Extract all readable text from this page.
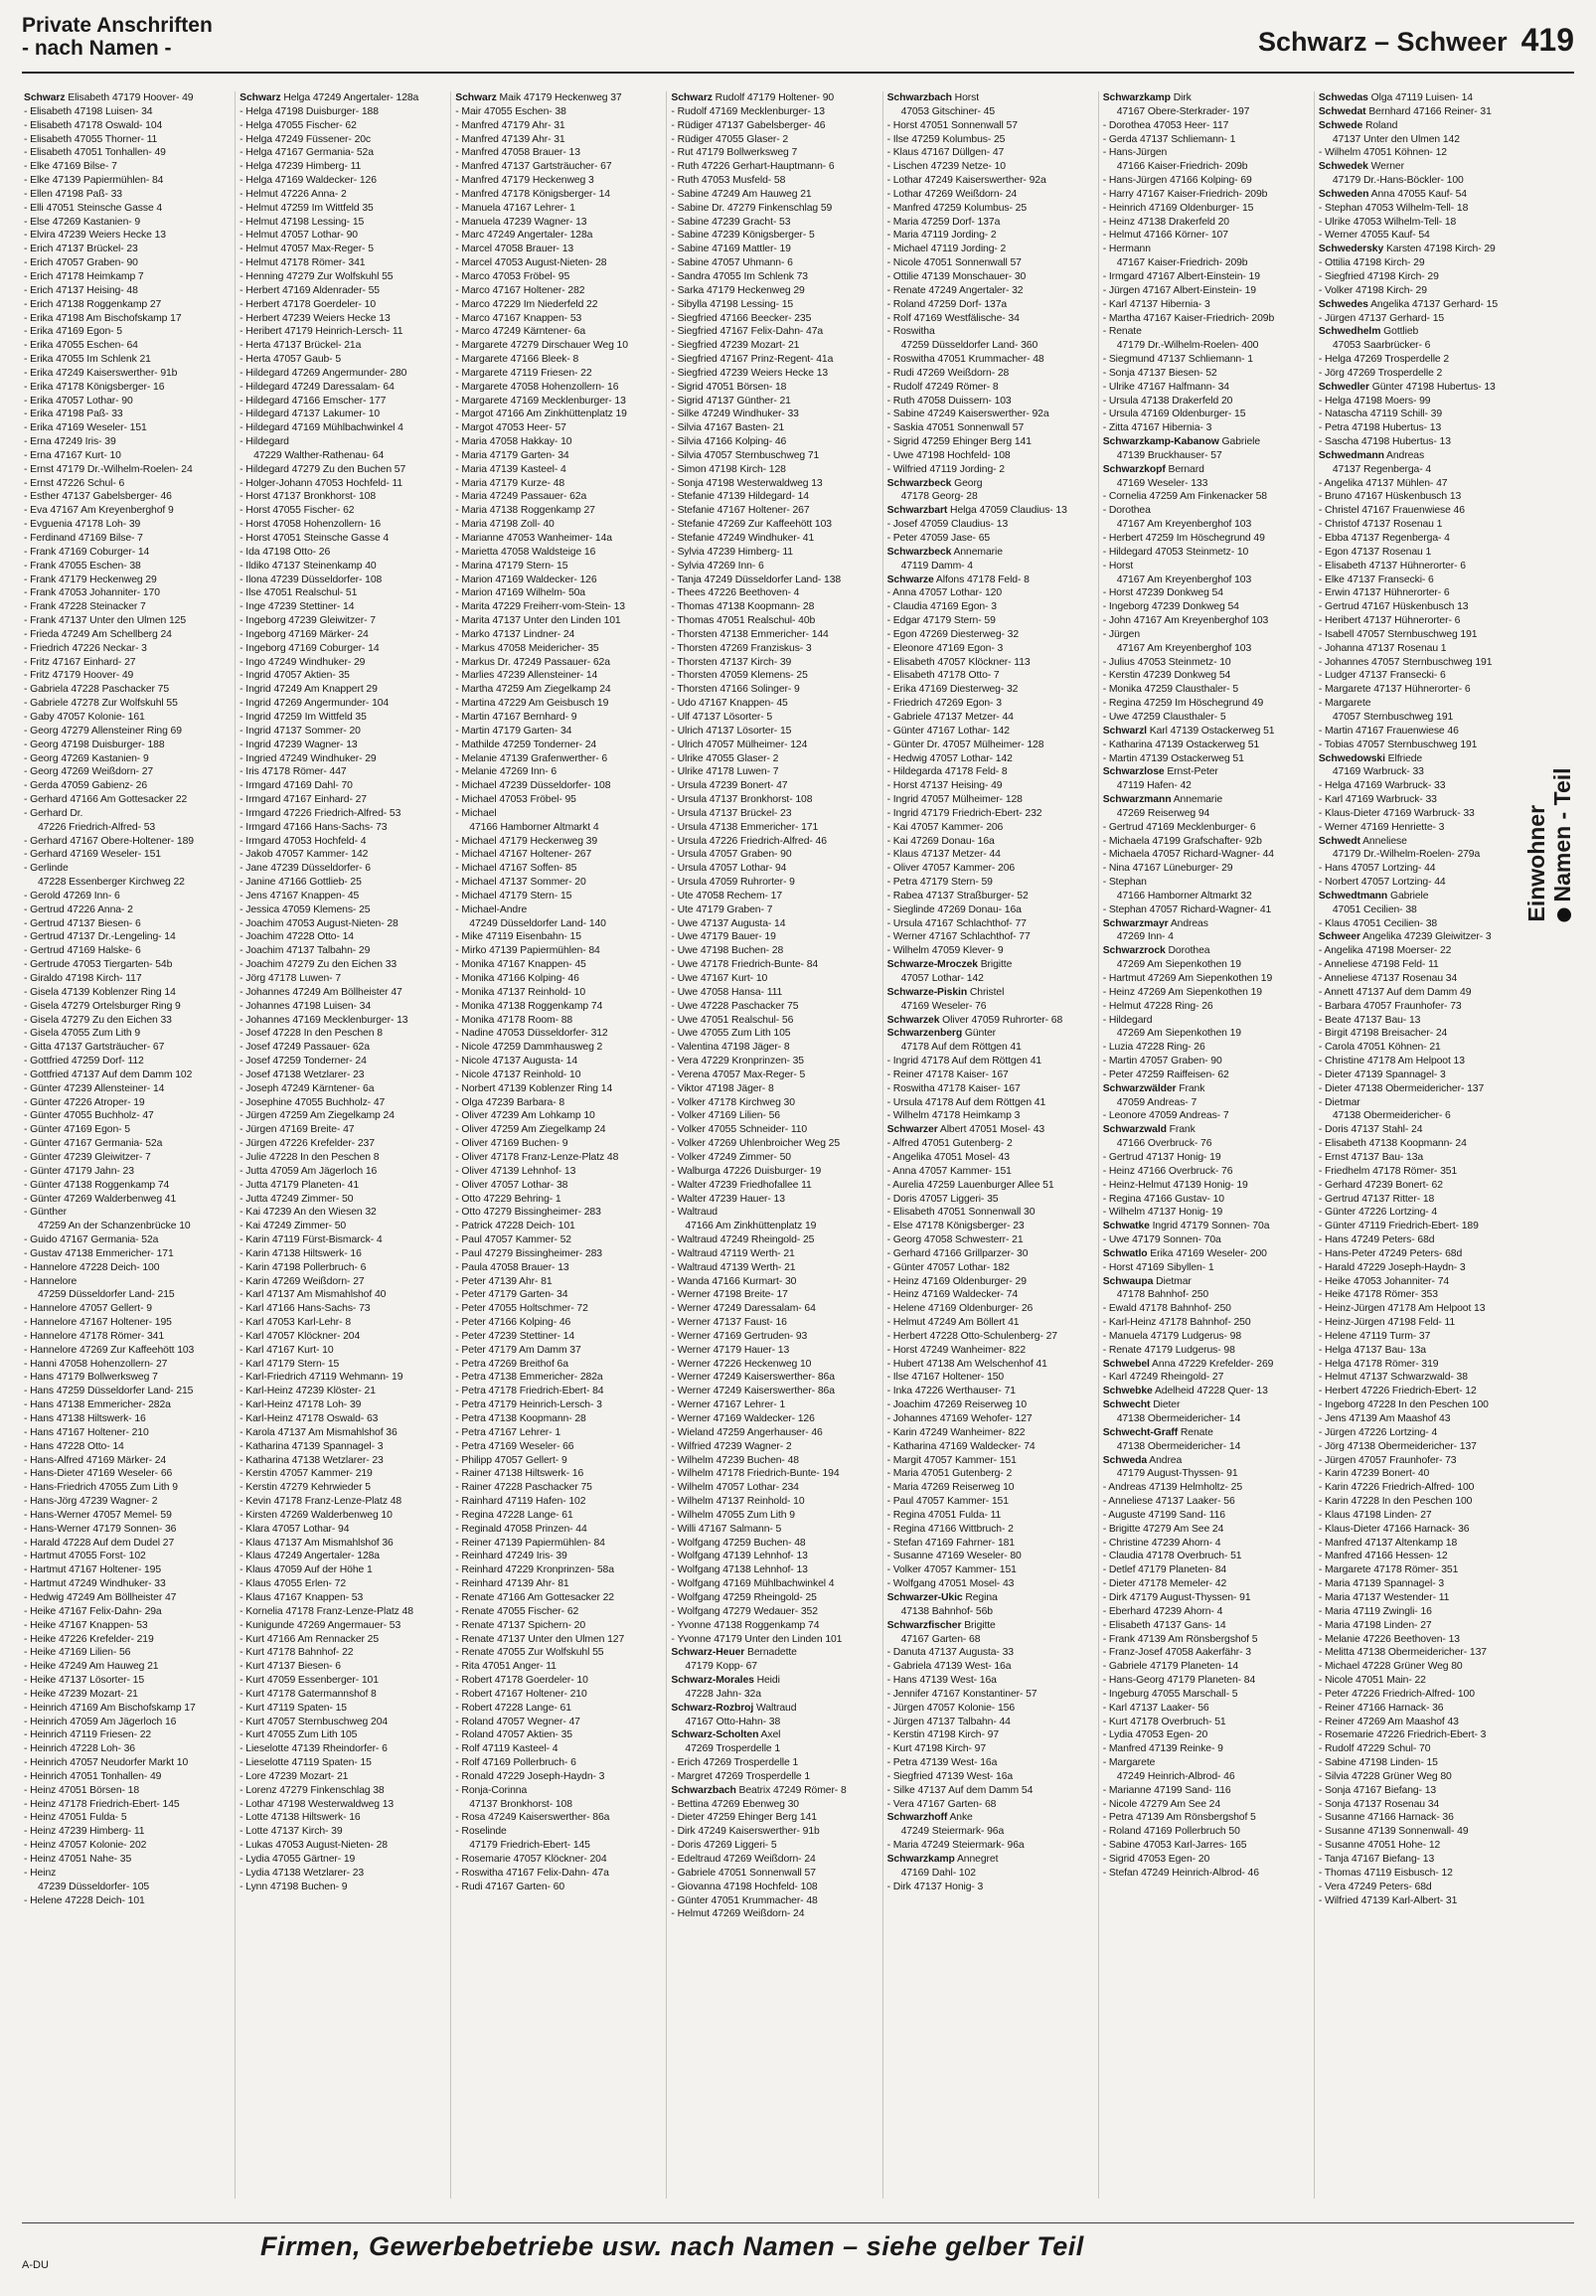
Private Anschriften
- nach Namen -	Schwarz – Schweer 419
Schwarz Elisabeth 47179 Hoover- 49
- Elisabeth 47198 Luisen- 34
- Elisabeth 47178 Oswald- 104
- Elisabeth 47055 Thorner- 11
- Elisabeth 47051 Tonhallen- 49
- Elke 47169 Bilse- 7
- Elke 47139 Papiermühlen- 84
- Ellen 47198 Paß- 33
- Elli 47051 Steinsche Gasse 4
- Else 47269 Kastanien- 9
- Elvira 47239 Weiers Hecke 13
- Erich 47137 Brückel- 23
- Erich 47057 Graben- 90
- Erich 47178 Heimkamp 7
- Erich 47137 Heising- 48
- Erich 47138 Roggenkamp 27
- Erika 47198 Am Bischofskamp 17
- Erika 47169 Egon- 5
- Erika 47055 Eschen- 64
- Erika 47055 Im Schlenk 21
- Erika 47249 Kaiserswerther- 91b
- Erika 47178 Königsberger- 16
- Erika 47057 Lothar- 90
- Erika 47198 Paß- 33
- Erika 47169 Weseler- 151
- Erna 47249 Iris- 39
- Erna 47167 Kurt- 10
- Ernst 47179 Dr.-Wilhelm-Roelen- 24
- Ernst 47226 Schul- 6
- Esther 47137 Gabelsberger- 46
- Eva 47167 Am Kreyenberghof 9
- Evguenia 47178 Loh- 39
- Ferdinand 47169 Bilse- 7
- Frank 47169 Coburger- 14
- Frank 47055 Eschen- 38
- Frank 47179 Heckenweg 29
- Frank 47053 Johanniter- 170
- Frank 47228 Steinacker 7
- Frank 47137 Unter den Ulmen 125
- Frieda 47249 Am Schellberg 24
- Friedrich 47226 Neckar- 3
- Fritz 47167 Einhard- 27
- Fritz 47179 Hoover- 49
- Gabriela 47228 Paschacker 75
- Gabriele 47278 Zur Wolfskuhl 55
- Gaby 47057 Kolonie- 161
- Georg 47279 Allensteiner Ring 69
- Georg 47198 Duisburger- 188
- Georg 47269 Kastanien- 9
- Georg 47269 Weißdorn- 27
- Gerda 47059 Gabienz- 26
- Gerhard 47166 Am Gottesacker 22
- Gerhard Dr.
47226 Friedrich-Alfred- 53
- Gerhard 47167 Obere-Holtener- 189
- Gerhard 47169 Weseler- 151
- Gerlinde
47228 Essenberger Kirchweg 22
- Gerold 47269 Inn- 6
- Gertrud 47226 Anna- 2
- Gertrud 47137 Biesen- 6
- Gertrud 47137 Dr.-Lengeling- 14
- Gertrud 47169 Halske- 6
- Gertrude 47053 Tiergarten- 54b
- Giraldo 47198 Kirch- 117
- Gisela 47139 Koblenzer Ring 14
- Gisela 47279 Ortelsburger Ring 9
- Gisela 47279 Zu den Eichen 33
- Gisela 47055 Zum Lith 9
- Gitta 47137 Gartsträucher- 67
- Gottfried 47259 Dorf- 112
- Gottfried 47137 Auf dem Damm 102
- Günter 47239 Allensteiner- 14
- Günter 47226 Atroper- 19
- Günter 47055 Buchholz- 47
- Günter 47169 Egon- 5
- Günter 47167 Germania- 52a
- Günter 47239 Gleiwitzer- 7
- Günter 47179 Jahn- 23
- Günter 47138 Roggenkamp 74
- Günter 47269 Walderbenweg 41
- Günther
47259 An der Schanzenbrücke 10
- Guido 47167 Germania- 52a
- Gustav 47138 Emmericher- 171
- Hannelore 47228 Deich- 100
- Hannelore
47259 Düsseldorfer Land- 215
- Hannelore 47057 Gellert- 9
- Hannelore 47167 Holtener- 195
- Hannelore 47178 Römer- 341
- Hannelore 47269 Zur Kaffeehött 103
- Hanni 47058 Hohenzollern- 27
- Hans 47179 Bollwerksweg 7
- Hans 47259 Düsseldorfer Land- 215
- Hans 47138 Emmericher- 282a
- Hans 47138 Hiltswerk- 16
- Hans 47167 Holtener- 210
- Hans 47228 Otto- 14
- Hans-Alfred 47169 Märker- 24
- Hans-Dieter 47169 Weseler- 66
- Hans-Friedrich 47055 Zum Lith 9
- Hans-Jörg 47239 Wagner- 2
- Hans-Werner 47057 Memel- 59
- Hans-Werner 47179 Sonnen- 36
- Harald 47228 Auf dem Dudel 27
- Hartmut 47055 Forst- 102
- Hartmut 47167 Holtener- 195
- Hartmut 47249 Windhuker- 33
- Hedwig 47249 Am Böllheister 47
- Heike 47167 Felix-Dahn- 29a
- Heike 47167 Knappen- 53
- Heike 47226 Krefelder- 219
- Heike 47169 Lilien- 56
- Heike 47249 Am Hauweg 21
- Heike 47137 Lösorter- 15
- Heike 47239 Mozart- 21
- Heinrich 47169 Am Bischofskamp 17
- Heinrich 47059 Am Jägerloch 16
- Heinrich 47119 Friesen- 22
- Heinrich 47228 Loh- 36
- Heinrich 47057 Neudorfer Markt 10
- Heinrich 47051 Tonhallen- 49
- Heinz 47051 Börsen- 18
- Heinz 47178 Friedrich-Ebert- 145
- Heinz 47051 Fulda- 5
- Heinz 47239 Himberg- 11
- Heinz 47057 Kolonie- 202
- Heinz 47051 Nahe- 35
- Heinz
47239 Düsseldorfer- 105
- Helene 47228 Deich- 101
Schwarz Helga 47249 Angertaler- 128a
- Helga 47198 Duisburger- 188
- Helga 47055 Fischer- 62
- Helga 47249 Füssener- 20c
- Helga 47167 Germania- 52a
- Helga 47239 Himberg- 11
- Helga 47169 Waldecker- 126
- Helmut 47226 Anna- 2
- Helmut 47259 Im Wittfeld 35
- Helmut 47198 Lessing- 15
- Helmut 47057 Lothar- 90
- Helmut 47057 Max-Reger- 5
- Helmut 47178 Römer- 341
- Henning 47279 Zur Wolfskuhl 55
- Herbert 47169 Aldenrader- 55
- Herbert 47178 Goerdeler- 10
- Herbert 47239 Weiers Hecke 13
- Heribert 47179 Heinrich-Lersch- 11
- Herta 47137 Brückel- 21a
- Herta 47057 Gaub- 5
- Hildegard 47269 Angermunder- 280
- Hildegard 47249 Daressalam- 64
- Hildegard 47166 Emscher- 177
- Hildegard 47137 Lakumer- 10
- Hildegard 47169 Mühlbachwinkel 4
- Hildegard
47229 Walther-Rathenau- 64
- Hildegard 47279 Zu den Buchen 57
- Holger-Johann 47053 Hochfeld- 11
- Horst 47137 Bronkhorst- 108
- Horst 47055 Fischer- 62
- Horst 47058 Hohenzollern- 16
- Horst 47051 Steinsche Gasse 4
- Ida 47198 Otto- 26
- Ildiko 47137 Steinenkamp 40
- Ilona 47239 Düsseldorfer- 108
- Ilse 47051 Realschul- 51
- Inge 47239 Stettiner- 14
- Ingeborg 47239 Gleiwitzer- 7
- Ingeborg 47169 Märker- 24
- Ingeborg 47169 Coburger- 14
- Ingo 47249 Windhuker- 29
- Ingrid 47057 Aktien- 35
- Ingrid 47249 Am Knappert 29
- Ingrid 47269 Angermunder- 104
- Ingrid 47259 Im Wittfeld 35
- Ingrid 47137 Sommer- 20
- Ingrid 47239 Wagner- 13
- Ingried 47249 Windhuker- 29
- Iris 47178 Römer- 447
- Irmgard 47169 Dahl- 70
- Irmgard 47167 Einhard- 27
- Irmgard 47226 Friedrich-Alfred- 53
- Irmgard 47166 Hans-Sachs- 73
- Irmgard 47053 Hochfeld- 4
- Jakob 47057 Kammer- 142
- Jane 47239 Düsseldorfer- 6
- Janine 47166 Gottlieb- 25
- Jens 47167 Knappen- 45
- Jessica 47059 Klemens- 25
- Joachim 47053 August-Nieten- 28
- Joachim 47228 Otto- 14
- Joachim 47137 Talbahn- 29
- Joachim 47279 Zu den Eichen 33
- Jörg 47178 Luwen- 7
- Johannes 47249 Am Böllheister 47
- Johannes 47198 Luisen- 34
- Johannes 47169 Mecklenburger- 13
- Josef 47228 In den Peschen 8
- Josef 47249 Passauer- 62a
- Josef 47259 Tonderner- 24
- Josef 47138 Wetzlarer- 23
- Joseph 47249 Kärntener- 6a
- Josephine 47055 Buchholz- 47
- Jürgen 47259 Am Ziegelkamp 24
- Jürgen 47169 Breite- 47
- Jürgen 47226 Krefelder- 237
- Julie 47228 In den Peschen 8
- Jutta 47059 Am Jägerloch 16
- Jutta 47179 Planeten- 41
- Jutta 47249 Zimmer- 50
- Kai 47239 An den Wiesen 32
- Kai 47249 Zimmer- 50
- Karin 47119 Fürst-Bismarck- 4
- Karin 47138 Hiltswerk- 16
- Karin 47198 Pollerbruch- 6
- Karin 47269 Weißdorn- 27
- Karl 47137 Am Mismahlshof 40
- Karl 47166 Hans-Sachs- 73
- Karl 47053 Karl-Lehr- 8
- Karl 47057 Klöckner- 204
- Karl 47167 Kurt- 10
- Karl 47179 Stern- 15
- Karl-Friedrich 47119 Wehmann- 19
- Karl-Heinz 47239 Klöster- 21
- Karl-Heinz 47178 Loh- 39
- Karl-Heinz 47178 Oswald- 63
- Karola 47137 Am Mismahlshof 36
- Katharina 47139 Spannagel- 3
- Katharina 47138 Wetzlarer- 23
- Kerstin 47057 Kammer- 219
- Kerstin 47279 Kehrwieder 5
- Kevin 47178 Franz-Lenze-Platz 48
- Kirsten 47269 Walderbenweg 10
- Klara 47057 Lothar- 94
- Klaus 47137 Am Mismahlshof 36
- Klaus 47249 Angertaler- 128a
- Klaus 47059 Auf der Höhe 1
- Klaus 47055 Erlen- 72
- Klaus 47167 Knappen- 53
- Kornelia 47178 Franz-Lenze-Platz 48
- Kunigunde 47269 Angermauer- 53
- Kurt 47166 Am Rennacker 25
- Kurt 47178 Bahnhof- 22
- Kurt 47137 Biesen- 6
- Kurt 47059 Essenberger- 101
- Kurt 47178 Gatermannshof 8
- Kurt 47119 Spaten- 15
- Kurt 47057 Sternbuschweg 204
- Kurt 47055 Zum Lith 105
- Lieselotte 47139 Rheindorfer- 6
- Lieselotte 47119 Spaten- 15
- Lore 47239 Mozart- 21
- Lorenz 47279 Finkenschlag 38
- Lothar 47198 Westerwaldweg 13
- Lotte 47138 Hiltswerk- 16
- Lotte 47137 Kirch- 39
- Lukas 47053 August-Nieten- 28
- Lydia 47055 Gärtner- 19
- Lydia 47138 Wetzlarer- 23
- Lynn 47198 Buchen- 9
Schwarz Maik 47179 Heckenweg 37
- Mair 47055 Eschen- 38
- Manfred 47179 Ahr- 31
- Manfred 47139 Ahr- 31
- Manfred 47058 Brauer- 13
- Manfred 47137 Gartsträucher- 67
- Manfred 47179 Heckenweg 3
- Manfred 47178 Königsberger- 14
- Manuela 47167 Lehrer- 1
- Manuela 47239 Wagner- 13
- Marc 47249 Angertaler- 128a
- Marcel 47058 Brauer- 13
- Marcel 47053 August-Nieten- 28
- Marco 47053 Fröbel- 95
- Marco 47167 Holtener- 282
- Marco 47229 Im Niederfeld 22
- Marco 47167 Knappen- 53
- Marco 47249 Kärntener- 6a
- Margarete 47279 Dirschauer Weg 10
- Margarete 47166 Bleek- 8
- Margarete 47119 Friesen- 22
- Margarete 47058 Hohenzollern- 16
- Margarete 47169 Mecklenburger- 13
- Margot 47166 Am Zinkhüttenplatz 19
- Margot 47053 Heer- 57
- Maria 47058 Hakkay- 10
- Maria 47179 Garten- 34
- Maria 47139 Kasteel- 4
- Maria 47179 Kurze- 48
- Maria 47249 Passauer- 62a
- Maria 47138 Roggenkamp 27
- Maria 47198 Zoll- 40
- Marianne 47053 Wanheimer- 14a
- Marietta 47058 Waldsteige 16
- Marina 47179 Stern- 15
- Marion 47169 Waldecker- 126
- Marion 47169 Wilhelm- 50a
- Marita 47229 Freiherr-vom-Stein- 13
- Marita 47137 Unter den Linden 101
- Marko 47137 Lindner- 24
- Markus 47058 Meidericher- 35
- Markus Dr. 47249 Passauer- 62a
- Marlies 47239 Allensteiner- 14
- Martha 47259 Am Ziegelkamp 24
- Martina 47229 Am Geisbusch 19
- Martin 47167 Bernhard- 9
- Martin 47179 Garten- 34
- Mathilde 47259 Tonderner- 24
- Melanie 47139 Grafenwerther- 6
- Melanie 47269 Inn- 6
- Michael 47239 Düsseldorfer- 108
- Michael 47053 Fröbel- 95
- Michael
47166 Hamborner Altmarkt 4
- Michael 47179 Heckenweg 39
- Michael 47167 Holtener- 267
- Michael 47167 Soffen- 85
- Michael 47137 Sommer- 20
- Michael 47179 Stern- 15
- Michael-Andre
47249 Düsseldorfer Land- 140
- Mike 47119 Eisenbahn- 15
- Mirko 47139 Papiermühlen- 84
- Monika 47167 Knappen- 45
- Monika 47166 Kolping- 46
- Monika 47137 Reinhold- 10
- Monika 47138 Roggenkamp 74
- Monika 47178 Room- 88
- Nadine 47053 Düsseldorfer- 312
- Nicole 47259 Dammhausweg 2
- Nicole 47137 Augusta- 14
- Nicole 47137 Reinhold- 10
- Norbert 47139 Koblenzer Ring 14
- Olga 47239 Barbara- 8
- Oliver 47239 Am Lohkamp 10
- Oliver 47259 Am Ziegelkamp 24
- Oliver 47169 Buchen- 9
- Oliver 47178 Franz-Lenze-Platz 48
- Oliver 47139 Lehnhof- 13
- Oliver 47057 Lothar- 38
- Otto 47229 Behring- 1
- Otto 47279 Bissingheimer- 283
- Patrick 47228 Deich- 101
- Paul 47057 Kammer- 52
- Paul 47279 Bissingheimer- 283
- Paula 47058 Brauer- 13
- Peter 47139 Ahr- 81
- Peter 47179 Garten- 34
- Peter 47055 Holtschmer- 72
- Peter 47166 Kolping- 46
- Peter 47239 Stettiner- 14
- Peter 47179 Am Damm 37
- Petra 47269 Breithof 6a
- Petra 47138 Emmericher- 282a
- Petra 47178 Friedrich-Ebert- 84
- Petra 47179 Heinrich-Lersch- 3
- Petra 47138 Koopmann- 28
- Petra 47167 Lehrer- 1
- Petra 47169 Weseler- 66
- Philipp 47057 Gellert- 9
- Rainer 47138 Hiltswerk- 16
- Rainer 47228 Paschacker 75
- Rainhard 47119 Hafen- 102
- Regina 47228 Lange- 61
- Reginald 47058 Prinzen- 44
- Reiner 47139 Papiermühlen- 84
- Reinhard 47249 Iris- 39
- Reinhard 47229 Kronprinzen- 58a
- Reinhard 47139 Ahr- 81
- Renate 47166 Am Gottesacker 22
- Renate 47055 Fischer- 62
- Renate 47137 Spichern- 20
- Renate 47137 Unter den Ulmen 127
- Renate 47055 Zur Wolfskuhl 55
- Rita 47051 Anger- 11
- Robert 47178 Goerdeler- 10
- Robert 47167 Holtener- 210
- Robert 47228 Lange- 61
- Roland 47057 Wegner- 47
- Roland 47057 Aktien- 35
- Rolf 47119 Kasteel- 4
- Rolf 47169 Pollerbruch- 6
- Ronald 47229 Joseph-Haydn- 3
- Ronja-Corinna
47137 Bronkhorst- 108
- Rosa 47249 Kaiserswerther- 86a
- Roselinde
47179 Friedrich-Ebert- 145
- Rosemarie 47057 Klöckner- 204
- Roswitha 47167 Felix-Dahn- 47a
- Rudi 47167 Garten- 60
Schwarz Rudolf 47179 Holtener- 90
- Rudolf 47169 Mecklenburger- 13
- Rüdiger 47137 Gabelsberger- 46
- Rüdiger 47055 Glaser- 2
- Rut 47179 Bollwerksweg 7
- Ruth 47226 Gerhart-Hauptmann- 6
- Ruth 47053 Musfeld- 58
- Sabine 47249 Am Hauweg 21
- Sabine Dr. 47279 Finkenschlag 59
- Sabine 47239 Gracht- 53
- Sabine 47239 Königsberger- 5
- Sabine 47169 Mattler- 19
- Sabine 47057 Uhmann- 6
- Sandra 47055 Im Schlenk 73
- Sarka 47179 Heckenweg 29
- Sibylla 47198 Lessing- 15
- Siegfried 47166 Beecker- 235
- Siegfried 47167 Felix-Dahn- 47a
- Siegfried 47239 Mozart- 21
- Siegfried 47167 Prinz-Regent- 41a
- Siegfried 47239 Weiers Hecke 13
- Sigrid 47051 Börsen- 18
- Sigrid 47137 Günther- 21
- Silke 47249 Windhuker- 33
- Silvia 47167 Basten- 21
- Silvia 47166 Kolping- 46
- Silvia 47057 Sternbuschweg 71
- Simon 47198 Kirch- 128
- Sonja 47198 Westerwaldweg 13
- Stefanie 47139 Hildegard- 14
- Stefanie 47167 Holtener- 267
- Stefanie 47269 Zur Kaffeehött 103
- Stefanie 47249 Windhuker- 41
- Sylvia 47239 Himberg- 11
- Sylvia 47269 Inn- 6
- Tanja 47249 Düsseldorfer Land- 138
- Thees 47226 Beethoven- 4
- Thomas 47138 Koopmann- 28
- Thomas 47051 Realschul- 40b
- Thorsten 47138 Emmericher- 144
- Thorsten 47269 Franziskus- 3
- Thorsten 47137 Kirch- 39
- Thorsten 47059 Klemens- 25
- Thorsten 47166 Solinger- 9
- Udo 47167 Knappen- 45
- Ulf 47137 Lösorter- 5
- Ulrich 47137 Lösorter- 15
- Ulrich 47057 Mülheimer- 124
- Ulrike 47055 Glaser- 2
- Ulrike 47178 Luwen- 7
- Ursula 47239 Bonert- 47
- Ursula 47137 Bronkhorst- 108
- Ursula 47137 Brückel- 23
- Ursula 47138 Emmericher- 171
- Ursula 47226 Friedrich-Alfred- 46
- Ursula 47057 Graben- 90
- Ursula 47057 Lothar- 94
- Ursula 47059 Ruhrorter- 9
- Ute 47058 Rechem- 17
- Ute 47179 Graben- 7
- Uwe 47137 Augusta- 14
- Uwe 47179 Bauer- 19
- Uwe 47198 Buchen- 28
- Uwe 47178 Friedrich-Bunte- 84
- Uwe 47167 Kurt- 10
- Uwe 47058 Hansa- 111
- Uwe 47228 Paschacker 75
- Uwe 47051 Realschul- 56
- Uwe 47055 Zum Lith 105
- Valentina 47198 Jäger- 8
- Vera 47229 Kronprinzen- 35
- Verena 47057 Max-Reger- 5
- Viktor 47198 Jäger- 8
- Volker 47178 Kirchweg 30
- Volker 47169 Lilien- 56
- Volker 47055 Schneider- 110
- Volker 47269 Uhlenbroicher Weg 25
- Volker 47249 Zimmer- 50
- Walburga 47226 Duisburger- 19
- Walter 47239 Friedhofallee 11
- Walter 47239 Hauer- 13
- Waltraud
47166 Am Zinkhüttenplatz 19
- Waltraud 47249 Rheingold- 25
- Waltraud 47119 Werth- 21
- Waltraud 47139 Werth- 21
- Wanda 47166 Kurmart- 30
- Werner 47198 Breite- 17
- Werner 47249 Daressalam- 64
- Werner 47137 Faust- 16
- Werner 47169 Gertruden- 93
- Werner 47179 Hauer- 13
- Werner 47226 Heckenweg 10
- Werner 47249 Kaiserswerther- 86a
- Werner 47249 Kaiserswerther- 86a
- Werner 47167 Lehrer- 1
- Werner 47169 Waldecker- 126
- Wieland 47259 Angerhauser- 46
- Wilfried 47239 Wagner- 2
- Wilhelm 47239 Buchen- 48
- Wilhelm 47178 Friedrich-Bunte- 194
- Wilhelm 47057 Lothar- 234
- Wilhelm 47137 Reinhold- 10
- Wilhelm 47055 Zum Lith 9
- Willi 47167 Salmann- 5
- Wolfgang 47259 Buchen- 48
- Wolfgang 47139 Lehnhof- 13
- Wolfgang 47138 Lehnhof- 13
- Wolfgang 47169 Mühlbachwinkel 4
- Wolfgang 47259 Rheingold- 25
- Wolfgang 47279 Wedauer- 352
- Yvonne 47138 Roggenkamp 74
- Yvonne 47179 Unter den Linden 101
Schwarz-Heuer Bernadette
47179 Kopp- 67
Schwarz-Morales Heidi
47228 Jahn- 32a
Schwarz-Rozbroj Waltraud
47167 Otto-Hahn- 38
Schwarz-Scholten Axel
47269 Trosperdelle 1
- Erich 47269 Trosperdelle 1
- Margret 47269 Trosperdelle 1
Schwarzbach Beatrix 47249 Römer- 8
- Bettina 47269 Ebenweg 30
- Dieter 47259 Ehinger Berg 141
- Dirk 47249 Kaiserswerther- 91b
- Doris 47269 Liggeri- 5
- Edeltraud 47269 Weißdorn- 24
- Gabriele 47051 Sonnenwall 57
- Giovanna 47198 Hochfeld- 108
- Günter 47051 Krummacher- 48
- Helmut 47269 Weißdorn- 24
Schwarzbach Horst
47053 Gitschiner- 45
- Horst 47051 Sonnenwall 57
- Ilse 47259 Kolumbus- 25
- Klaus 47167 Düllgen- 47
- Lischen 47239 Netze- 10
- Lothar 47249 Kaiserswerther- 92a
- Lothar 47269 Weißdorn- 24
- Manfred 47259 Kolumbus- 25
- Maria 47259 Dorf- 137a
- Maria 47119 Jording- 2
- Michael 47119 Jording- 2
- Nicole 47051 Sonnenwall 57
- Ottilie 47139 Monschauer- 30
- Renate 47249 Angertaler- 32
- Roland 47259 Dorf- 137a
- Rolf 47169 Westfälische- 34
- Roswitha
47259 Düsseldorfer Land- 360
- Roswitha 47051 Krummacher- 48
- Rudi 47269 Weißdorn- 28
- Rudolf 47249 Römer- 8
- Ruth 47058 Duissern- 103
- Sabine 47249 Kaiserswerther- 92a
- Saskia 47051 Sonnenwall 57
- Sigrid 47259 Ehinger Berg 141
- Uwe 47198 Hochfeld- 108
- Wilfried 47119 Jording- 2
Schwarzbeck Georg
47178 Georg- 28
Schwarzbart Helga 47059 Claudius- 13
- Josef 47059 Claudius- 13
- Peter 47059 Jase- 65
Schwarzbeck Annemarie
47119 Damm- 4
Schwarze Alfons 47178 Feld- 8
- Anna 47057 Lothar- 120
- Claudia 47169 Egon- 3
- Edgar 47179 Stern- 59
- Egon 47269 Diesterweg- 32
- Eleonore 47169 Egon- 3
- Elisabeth 47057 Klöckner- 113
- Elisabeth 47178 Otto- 7
- Erika 47169 Diesterweg- 32
- Friedrich 47269 Egon- 3
- Gabriele 47137 Metzer- 44
- Günter 47167 Lothar- 142
- Günter Dr. 47057 Mülheimer- 128
- Hedwig 47057 Lothar- 142
- Hildegarda 47178 Feld- 8
- Horst 47137 Heising- 49
- Ingrid 47057 Mülheimer- 128
- Ingrid 47179 Friedrich-Ebert- 232
- Kai 47057 Kammer- 206
- Kai 47269 Donau- 16a
- Klaus 47137 Metzer- 44
- Oliver 47057 Kammer- 206
- Petra 47179 Stern- 59
- Rabea 47137 Straßburger- 52
- Sieglinde 47269 Donau- 16a
- Ursula 47167 Schlachthof- 77
- Werner 47167 Schlachthof- 77
- Wilhelm 47059 Klever- 9
Schwarze-Mroczek Brigitte
47057 Lothar- 142
Schwarze-Piskin Christel
47169 Weseler- 76
Schwarzek Oliver 47059 Ruhrorter- 68
Schwarzenberg Günter
47178 Auf dem Röttgen 41
- Ingrid 47178 Auf dem Röttgen 41
- Reiner 47178 Kaiser- 167
- Roswitha 47178 Kaiser- 167
- Ursula 47178 Auf dem Röttgen 41
- Wilhelm 47178 Heimkamp 3
Schwarzer Albert 47051 Mosel- 43
- Alfred 47051 Gutenberg- 2
- Angelika 47051 Mosel- 43
- Anna 47057 Kammer- 151
- Aurelia 47259 Lauenburger Allee 51
- Doris 47057 Liggeri- 35
- Elisabeth 47051 Sonnenwall 30
- Else 47178 Königsberger- 23
- Georg 47058 Schwesterr- 21
- Gerhard 47166 Grillparzer- 30
- Günter 47057 Lothar- 182
- Heinz 47169 Oldenburger- 29
- Heinz 47169 Waldecker- 74
- Helene 47169 Oldenburger- 26
- Helmut 47249 Am Böllert 41
- Herbert 47228 Otto-Schulenberg- 27
- Horst 47249 Wanheimer- 822
- Hubert 47138 Am Welschenhof 41
- Ilse 47167 Holtener- 150
- Inka 47226 Werthauser- 71
- Joachim 47269 Reiserweg 10
- Johannes 47169 Wehofer- 127
- Karin 47249 Wanheimer- 822
- Katharina 47169 Waldecker- 74
- Margit 47057 Kammer- 151
- Maria 47051 Gutenberg- 2
- Maria 47269 Reiserweg 10
- Paul 47057 Kammer- 151
- Regina 47051 Fulda- 11
- Regina 47166 Wittbruch- 2
- Stefan 47169 Fahrner- 181
- Susanne 47169 Weseler- 80
- Volker 47057 Kammer- 151
- Wolfgang 47051 Mosel- 43
Schwarzer-Ukic Regina
47138 Bahnhof- 56b
Schwarzfischer Brigitte
47167 Garten- 68
- Danuta 47137 Augusta- 33
- Gabriela 47139 West- 16a
- Hans 47139 West- 16a
- Jennifer 47167 Konstantiner- 57
- Jürgen 47057 Kolonie- 156
- Jürgen 47137 Talbahn- 44
- Kerstin 47198 Kirch- 97
- Kurt 47198 Kirch- 97
- Petra 47139 West- 16a
- Siegfried 47139 West- 16a
- Silke 47137 Auf dem Damm 54
- Vera 47167 Garten- 68
Schwarzhoff Anke
47249 Steiermark- 96a
- Maria 47249 Steiermark- 96a
Schwarzkamp Annegret
47169 Dahl- 102
- Dirk 47137 Honig- 3
Schwarzkamp Dirk
47167 Obere-Sterkrader- 197
- Dorothea 47053 Heer- 117
- Gerda 47137 Schliemann- 1
- Hans-Jürgen
47166 Kaiser-Friedrich- 209b
- Hans-Jürgen 47166 Kolping- 69
- Harry 47167 Kaiser-Friedrich- 209b
- Heinrich 47169 Oldenburger- 15
- Heinz 47138 Drakerfeld 20
- Helmut 47166 Körner- 107
- Hermann
47167 Kaiser-Friedrich- 209b
- Irmgard 47167 Albert-Einstein- 19
- Jürgen 47167 Albert-Einstein- 19
- Karl 47137 Hibernia- 3
- Martha 47167 Kaiser-Friedrich- 209b
- Renate
47179 Dr.-Wilhelm-Roelen- 400
- Siegmund 47137 Schliemann- 1
- Sonja 47137 Biesen- 52
- Ulrike 47167 Halfmann- 34
- Ursula 47138 Drakerfeld 20
- Ursula 47169 Oldenburger- 15
- Zitta 47167 Hibernia- 3
Schwarzkamp-Kabanow Gabriele
47139 Bruckhauser- 57
Schwarzkopf Bernard
47169 Weseler- 133
- Cornelia 47259 Am Finkenacker 58
- Dorothea
47167 Am Kreyenberghof 103
- Herbert 47259 Im Höschegrund 49
- Hildegard 47053 Steinmetz- 10
- Horst
47167 Am Kreyenberghof 103
- Horst 47239 Donkweg 54
- Ingeborg 47239 Donkweg 54
- John 47167 Am Kreyenberghof 103
- Jürgen
47167 Am Kreyenberghof 103
- Julius 47053 Steinmetz- 10
- Kerstin 47239 Donkweg 54
- Monika 47259 Clausthaler- 5
- Regina 47259 Im Höschegrund 49
- Uwe 47259 Clausthaler- 5
Schwarzl Karl 47139 Ostackerweg 51
- Katharina 47139 Ostackerweg 51
- Martin 47139 Ostackerweg 51
Schwarzlose Ernst-Peter
47119 Hafen- 42
Schwarzmann Annemarie
47269 Reiserweg 94
- Gertrud 47169 Mecklenburger- 6
- Michaela 47199 Grafschafter- 92b
- Michaela 47057 Richard-Wagner- 44
- Nina 47167 Lüneburger- 29
- Stephan
47166 Hamborner Altmarkt 32
- Stephan 47057 Richard-Wagner- 41
Schwarzmayr Andreas
47269 Inn- 4
Schwarzrock Dorothea
47269 Am Siepenkothen 19
- Hartmut 47269 Am Siepenkothen 19
- Heinz 47269 Am Siepenkothen 19
- Helmut 47228 Ring- 26
- Hildegard
47269 Am Siepenkothen 19
- Luzia 47228 Ring- 26
- Martin 47057 Graben- 90
- Peter 47259 Raiffeisen- 62
Schwarzwälder Frank
47059 Andreas- 7
- Leonore 47059 Andreas- 7
Schwarzwald Frank
47166 Overbruck- 76
- Gertrud 47137 Honig- 19
- Heinz 47166 Overbruck- 76
- Heinz-Helmut 47139 Honig- 19
- Regina 47166 Gustav- 10
- Wilhelm 47137 Honig- 19
Schwatke Ingrid 47179 Sonnen- 70a
- Uwe 47179 Sonnen- 70a
Schwatlo Erika 47169 Weseler- 200
- Horst 47169 Sibyllen- 1
Schwaupa Dietmar
47178 Bahnhof- 250
- Ewald 47178 Bahnhof- 250
- Karl-Heinz 47178 Bahnhof- 250
- Manuela 47179 Ludgerus- 98
- Renate 47179 Ludgerus- 98
Schwebel Anna 47229 Krefelder- 269
- Karl 47249 Rheingold- 27
Schwebke Adelheid 47228 Quer- 13
Schwecht Dieter
47138 Obermeidericher- 14
Schwecht-Graff Renate
47138 Obermeidericher- 14
Schweda Andrea
47179 August-Thyssen- 91
- Andreas 47139 Helmholtz- 25
- Anneliese 47137 Laaker- 56
- Auguste 47199 Sand- 116
- Brigitte 47279 Am See 24
- Christine 47239 Ahorn- 4
- Claudia 47178 Overbruch- 51
- Detlef 47179 Planeten- 84
- Dieter 47178 Memeler- 42
- Dirk 47179 August-Thyssen- 91
- Eberhard 47239 Ahorn- 4
- Elisabeth 47137 Gans- 14
- Frank 47139 Am Rönsbergshof 5
- Franz-Josef 47058 Aakerfähr- 3
- Gabriele 47179 Planeten- 14
- Hans-Georg 47179 Planeten- 84
- Ingeburg 47055 Marschall- 5
- Karl 47137 Laaker- 56
- Kurt 47178 Overbruch- 51
- Lydia 47053 Egen- 20
- Manfred 47139 Reinke- 9
- Margarete
47249 Heinrich-Albrod- 46
- Marianne 47199 Sand- 116
- Nicole 47279 Am See 24
- Petra 47139 Am Rönsbergshof 5
- Roland 47169 Pollerbruch 50
- Sabine 47053 Karl-Jarres- 165
- Sigrid 47053 Egen- 20
- Stefan 47249 Heinrich-Albrod- 46
Schwedas Olga 47119 Luisen- 14
Schwedat Bernhard 47166 Reiner- 31
Schwede Roland
47137 Unter den Ulmen 142
- Wilhelm 47051 Köhnen- 12
Schwedek Werner
47179 Dr.-Hans-Böckler- 100
Schweden Anna 47055 Kauf- 54
- Stephan 47053 Wilhelm-Tell- 18
- Ulrike 47053 Wilhelm-Tell- 18
- Werner 47055 Kauf- 54
Schwedersky Karsten 47198 Kirch- 29
- Ottilia 47198 Kirch- 29
- Siegfried 47198 Kirch- 29
- Volker 47198 Kirch- 29
Schwedes Angelika 47137 Gerhard- 15
- Jürgen 47137 Gerhard- 15
Schwedhelm Gottlieb
47053 Saarbrücker- 6
- Helga 47269 Trosperdelle 2
- Jörg 47269 Trosperdelle 2
Schwedler Günter 47198 Hubertus- 13
- Helga 47198 Moers- 99
- Natascha 47119 Schill- 39
- Petra 47198 Hubertus- 13
- Sascha 47198 Hubertus- 13
Schwedmann Andreas
47137 Regenberga- 4
- Angelika 47137 Mühlen- 47
- Bruno 47167 Hüskenbusch 13
- Christel 47167 Frauenwiese 46
- Christof 47137 Rosenau 1
- Ebba 47137 Regenberga- 4
- Egon 47137 Rosenau 1
- Elisabeth 47137 Hühnerorter- 6
- Elke 47137 Fransecki- 6
- Erwin 47137 Hühnerorter- 6
- Gertrud 47167 Hüskenbusch 13
- Heribert 47137 Hühnerorter- 6
- Isabell 47057 Sternbuschweg 191
- Johanna 47137 Rosenau 1
- Johannes 47057 Sternbuschweg 191
- Ludger 47137 Fransecki- 6
- Margarete 47137 Hühnerorter- 6
- Margarete
47057 Sternbuschweg 191
- Martin 47167 Frauenwiese 46
- Tobias 47057 Sternbuschweg 191
Schwedowski Elfriede
47169 Warbruck- 33
- Helga 47169 Warbruck- 33
- Karl 47169 Warbruck- 33
- Klaus-Dieter 47169 Warbruck- 33
- Werner 47169 Henriette- 3
Schwedt Anneliese
47179 Dr.-Wilhelm-Roelen- 279a
- Hans 47057 Lortzing- 44
- Norbert 47057 Lortzing- 44
Schwedtmann Gabriele
47051 Cecilien- 38
- Klaus 47051 Cecilien- 38
Schweer Angelika 47239 Gleiwitzer- 3
- Angelika 47198 Moerser- 22
- Anneliese 47198 Feld- 11
- Anneliese 47137 Rosenau 34
- Annett 47137 Auf dem Damm 49
- Barbara 47057 Fraunhofer- 73
- Beate 47137 Bau- 13
- Birgit 47198 Breisacher- 24
- Carola 47051 Köhnen- 21
- Christine 47178 Am Helpoot 13
- Dieter 47139 Spannagel- 3
- Dieter 47138 Obermeidericher- 137
- Dietmar
47138 Obermeidericher- 6
- Doris 47137 Stahl- 24
- Elisabeth 47138 Koopmann- 24
- Ernst 47137 Bau- 13a
- Friedhelm 47178 Römer- 351
- Gerhard 47239 Bonert- 62
- Gertrud 47137 Ritter- 18
- Günter 47226 Lortzing- 4
- Günter 47119 Friedrich-Ebert- 189
- Hans 47249 Peters- 68d
- Hans-Peter 47249 Peters- 68d
- Harald 47229 Joseph-Haydn- 3
- Heike 47053 Johanniter- 74
- Heike 47178 Römer- 353
- Heinz-Jürgen 47178 Am Helpoot 13
- Heinz-Jürgen 47198 Feld- 11
- Helene 47119 Turm- 37
- Helga 47137 Bau- 13a
- Helga 47178 Römer- 319
- Helmut 47137 Schwarzwald- 38
- Herbert 47226 Friedrich-Ebert- 12
- Ingeborg 47228 In den Peschen 100
- Jens 47139 Am Maashof 43
- Jürgen 47226 Lortzing- 4
- Jörg 47138 Obermeidericher- 137
- Jürgen 47057 Fraunhofer- 73
- Karin 47239 Bonert- 40
- Karin 47226 Friedrich-Alfred- 100
- Karin 47228 In den Peschen 100
- Klaus 47198 Linden- 27
- Klaus-Dieter 47166 Harnack- 36
- Manfred 47137 Altenkamp 18
- Manfred 47166 Hessen- 12
- Margarete 47178 Römer- 351
- Maria 47139 Spannagel- 3
- Maria 47137 Westender- 11
- Maria 47119 Zwingli- 16
- Maria 47198 Linden- 27
- Melanie 47226 Beethoven- 13
- Melitta 47138 Obermeidericher- 137
- Michael 47228 Grüner Weg 80
- Nicole 47051 Main- 22
- Peter 47226 Friedrich-Alfred- 100
- Reiner 47166 Harnack- 36
- Reiner 47269 Am Maashof 43
- Rosemarie 47226 Friedrich-Ebert- 3
- Rudolf 47229 Schul- 70
- Sabine 47198 Linden- 15
- Silvia 47228 Grüner Weg 80
- Sonja 47167 Biefang- 13
- Sonja 47137 Rosenau 34
- Susanne 47166 Harnack- 36
- Susanne 47139 Sonnenwall- 49
- Susanne 47051 Hohe- 12
- Tanja 47167 Biefang- 13
- Thomas 47119 Eisbusch- 12
- Vera 47249 Peters- 68d
- Wilfried 47139 Karl-Albert- 31
Einwohner Namen - Teil
A-DU
Firmen, Gewerbebetriebe usw. nach Namen – siehe gelber Teil
